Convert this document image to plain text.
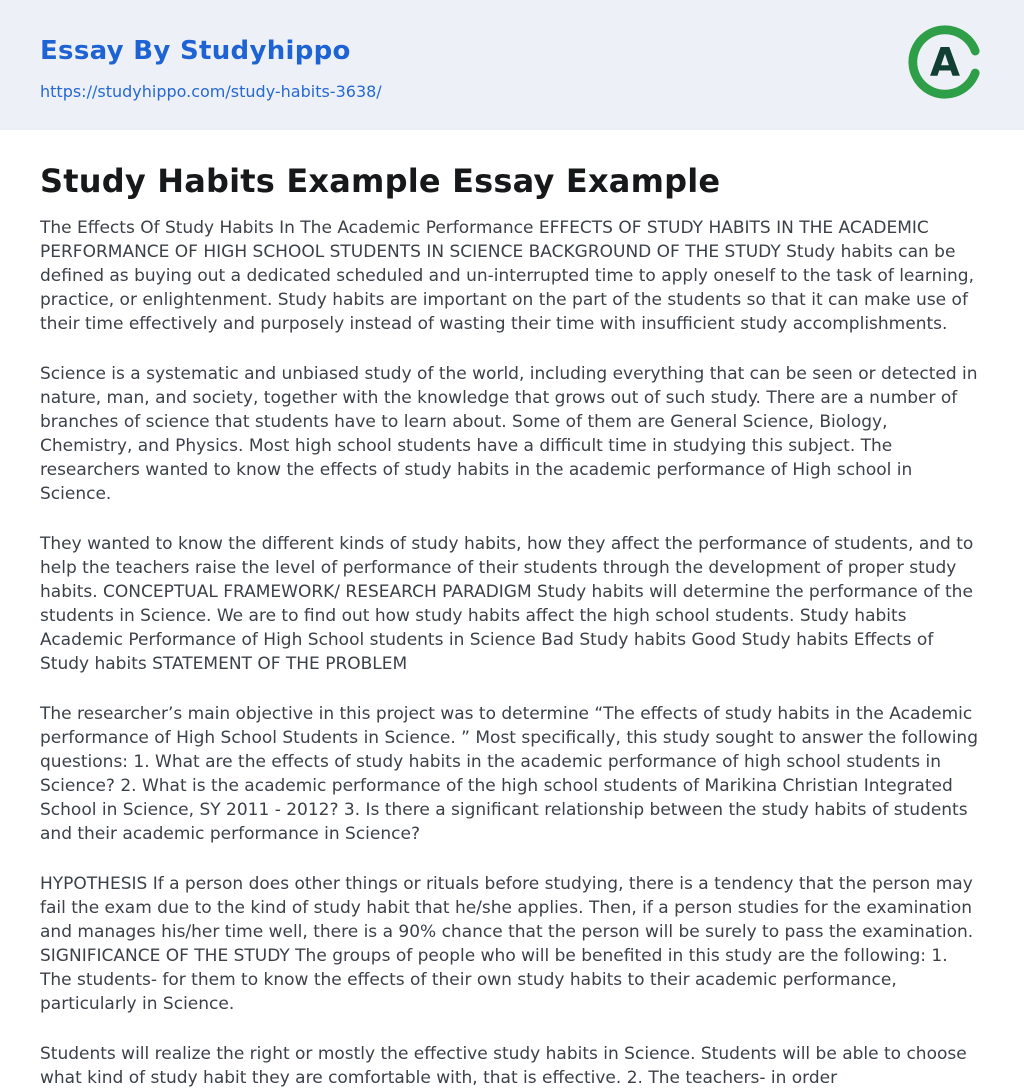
Essay By Studyhippo
https://studyhippo.com/study-habits-3638/
A
Study Habits Example Essay Example

The Effects Of Study Habits In The Academic Performance EFFECTS OF STUDY HABITS IN THE ACADEMIC PERFORMANCE OF HIGH SCHOOL STUDENTS IN SCIENCE BACKGROUND OF THE STUDY Study habits can be defined as buying out a dedicated scheduled and un-interrupted time to apply oneself to the task of learning, practice, or enlightenment. Study habits are important on the part of the students so that it can make use of their time effectively and purposely instead of wasting their time with insufficient study accomplishments.

Science is a systematic and unbiased study of the world, including everything that can be seen or detected in nature, man, and society, together with the knowledge that grows out of such study. There are a number of branches of science that students have to learn about. Some of them are General Science, Biology, Chemistry, and Physics. Most high school students have a difficult time in studying this subject. The researchers wanted to know the effects of study habits in the academic performance of High school in Science.

They wanted to know the different kinds of study habits, how they affect the performance of students, and to help the teachers raise the level of performance of their students through the development of proper study habits. CONCEPTUAL FRAMEWORK/ RESEARCH PARADIGM Study habits will determine the performance of the students in Science. We are to find out how study habits affect the high school students. Study habits Academic Performance of High School students in Science Bad Study habits Good Study habits Effects of Study habits STATEMENT OF THE PROBLEM

The researcher’s main objective in this project was to determine “The effects of study habits in the Academic performance of High School Students in Science. ” Most specifically, this study sought to answer the following questions: 1. What are the effects of study habits in the academic performance of high school students in Science? 2. What is the academic performance of the high school students of Marikina Christian Integrated School in Science, SY 2011 - 2012? 3. Is there a significant relationship between the study habits of students and their academic performance in Science?

HYPOTHESIS If a person does other things or rituals before studying, there is a tendency that the person may fail the exam due to the kind of study habit that he/she applies. Then, if a person studies for the examination and manages his/her time well, there is a 90% chance that the person will be surely to pass the examination. SIGNIFICANCE OF THE STUDY The groups of people who will be benefited in this study are the following: 1. The students- for them to know the effects of their own study habits to their academic performance, particularly in Science.

Students will realize the right or mostly the effective study habits in Science. Students will be able to choose what kind of study habit they are comfortable with, that is effective. 2. The teachers- in order
